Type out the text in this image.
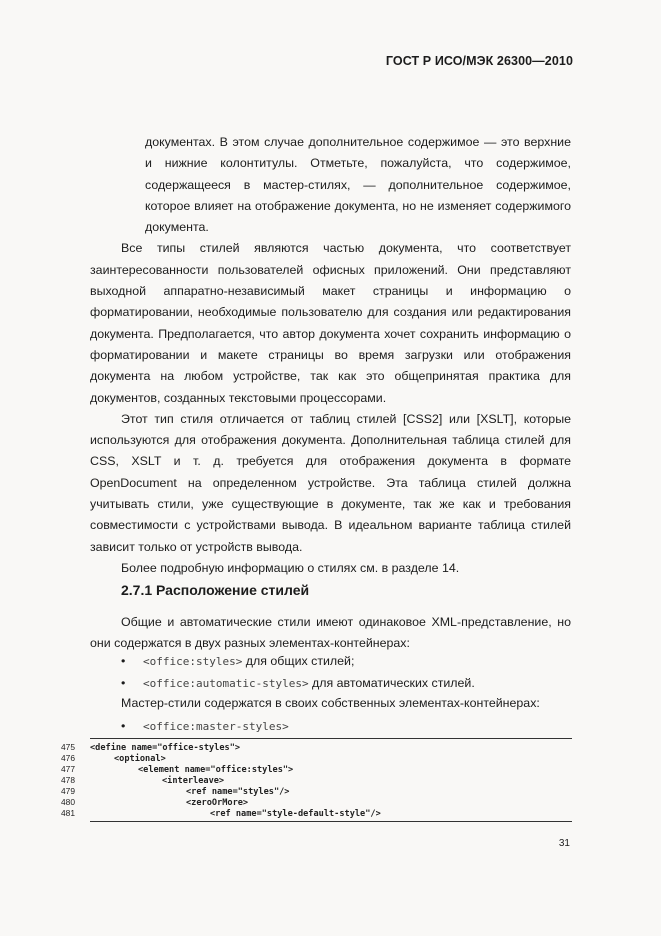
ГОСТ Р ИСО/МЭК 26300—2010

документах. В этом случае дополнительное содержимое — это верхние и нижние колонтитулы. Отметьте, пожалуйста, что содержимое, содержащееся в мастер-стилях, — дополнительное содержимое, которое влияет на отображение документа, но не изменяет содержимого документа.

Все типы стилей являются частью документа, что соответствует заинтересованности пользователей офисных приложений. Они представляют выходной аппаратно-независимый макет страницы и информацию о форматировании, необходимые пользователю для создания или редактирования документа. Предполагается, что автор документа хочет сохранить информацию о форматировании и макете страницы во время загрузки или отображения документа на любом устройстве, так как это общепринятая практика для документов, созданных текстовыми процессорами.

Этот тип стиля отличается от таблиц стилей [CSS2] или [XSLT], которые используются для отображения документа. Дополнительная таблица стилей для CSS, XSLT и т. д. требуется для отображения документа в формате OpenDocument на определенном устройстве. Эта таблица стилей должна учитывать стили, уже существующие в документе, так же как и требования совместимости с устройствами вывода. В идеальном варианте таблица стилей зависит только от устройств вывода.

Более подробную информацию о стилях см. в разделе 14.

2.7.1 Расположение стилей

Общие и автоматические стили имеют одинаковое XML-представление, но они содержатся в двух разных элементах-контейнерах:

• <office:styles> для общих стилей;
• <office:automatic-styles> для автоматических стилей.

Мастер-стили содержатся в своих собственных элементах-контейнерах:

• <office:master-styles>
475	<define name="office-styles">
476	<optional>
477	<element name="office:styles">
478	<interleave>
479	<ref name="styles"/>
480	<zeroOrMore>
481	<ref name="style-default-style"/>
31
